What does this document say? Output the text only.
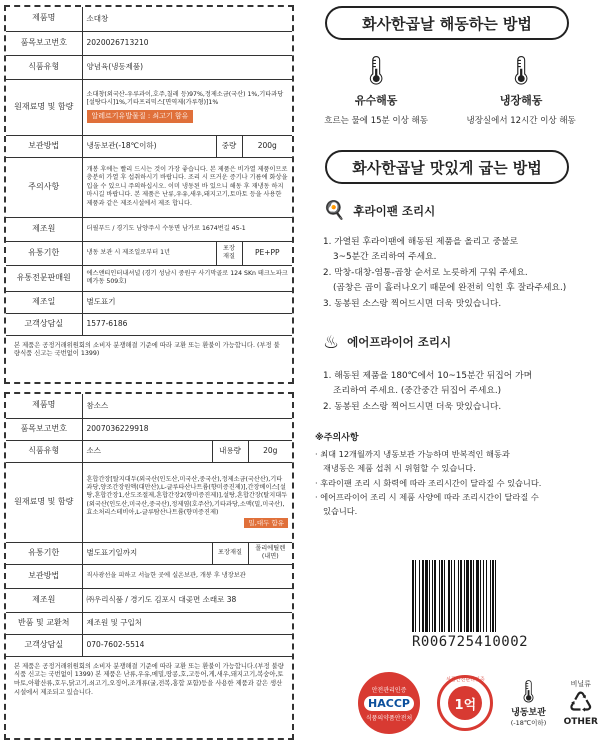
제품명	소대창		
품목보고번호	2020026713210		
식품유형	양념육(냉동제품)		
원재료명 및 함량	소대창(외국산-우루과이,호주,칠레 등)97%,정제소금(국산) 1%,기타과당[설탕다시]1%,기타프리믹스[면역제(가루형)]1%
알레르기유발물질 : 쇠고기 함유		
보관방법	냉동보관(-18℃이하)	중량	200g
주의사항	개봉 후에는 빨리 드시는 것이 가장 좋습니다. 본 제품은 비가열 제품이므로 충분히 가열 후 섭취하시기 바랍니다. 조리 시 뜨거운 증기나 기름에 화상을 입을 수 있으니 주의하십시오. 이미 냉동된 바 있으니 해동 후 재냉동 하지 마시길 바랍니다. 본 제품은 난류,우유,새우,돼지고기,토마토 등을 사용한 제품과 같은 제조시설에서 제조 합니다.		
제조원	더필푸드 / 경기도 남양주시 수동면 남가로 1674번길 45-1		
유통기한	냉동 보관 시 제조일로부터 1년	포장재질	PE+PP
유통전문판매원	에스앤티인터내셔널 (경기 성남시 중원구 사기막골로 124 SKn 테크노파크 메가동 509호)		
제조일	별도표기		
고객상담실	1577-6186		
본 제품은 공정거래위원회의 소비자 분쟁해결 기준에 따라 교환 또는 환불이 가능합니다. (부정 불량식품 신고는 국번없이 1399)
제품명	참소스		
품목보고번호	2007036229918		
식품유형	소스	내용량	20g
원재료명 및 함량	혼합간장[탈지대두(외국산(인도산,미국산,중국산),정제소금(국산산),기타과당,양조간장원액(대만산),L-글루타산나트륨(향미증진제)],간장베이스[설탕,혼합간장1,산도조절제,혼합간장2(향미증진제)],설탕,혼합간장(탈지대두(외국산(인도산,미국산,중국산),정제염(호주산),기타과당,소맥(밀,미국산),효소처리스테비아,L-글루탐산나트륨(향미증진제)
밀,대두 함유		

유통기한	별도표기일까지	포장재질	폴리에틸렌(내면)
보관방법	직사광선을 피하고 서늘한 곳에 실온보관, 개봉 후 냉장보관		
제조원	㈜우리식품 / 경기도 김포시 대곶면 소래로 38		
반품 및 교환처	제조원 및 구입처		
고객상담실	070-7602-5514		
본 제품은 공정거래위원회의 소비자 분쟁해결 기준에 따라 교환 또는 환불이 가능합니다.(부정 불량식품 신고는 국번없이 1399) 본 제품은 난류,우유,메밀,땅콩,호,고등어,게,새우,돼지고기,복숭아,토마토,아황산류,호두,닭고기,쇠고기,오징어,조개류(굴,전복,홍합 포함)등을 사용한 제품과 같은 생산시설에서 제조되고 있습니다.
화사한곱날 해동하는 방법
🌡
유수해동
흐르는 물에 15분 이상 해동
🌡
냉장해동
냉장실에서 12시간 이상 해동
화사한곱날 맛있게 굽는 방법
🍳 후라이팬 조리시

1. 가열된 후라이팬에 해동된 제품을 올리고 중불로

3~5분간 조리하여 주세요.

2. 막창-대창-염통-곱창 순서로 노릇하게 구워 주세요.

(곱창은 곱이 흘러나오기 때문에 완전히 익힌 후 잘라주세요.)

3. 동봉된 소스랑 찍어드시면 더욱 맛있습니다.

♨ 에어프라이어 조리시

1. 해동된 제품을 180℃에서 10~15분간 뒤집어 가며

조리하여 주세요. (중간중간 뒤집어 주세요.)

2. 동봉된 소스랑 찍어드시면 더욱 맛있습니다.

※주의사항
· 최대 12개월까지 냉동보관 가능하며 반복적인 해동과
재냉동은 제품 섭취 시 위험할 수 있습니다.
· 후라이팬 조리 시 화력에 따라 조리시간이 달라질 수 있습니다.
· 에어프라이어 조리 시 제품 사양에 따라 조리시간이 달라질 수
있습니다.
R006725410002
안전관리인증
HACCP
식품의약품안전처
식품안전관리인증
1억
🌡
냉동보관
(-18℃이하)
비닐류
♺
OTHER
